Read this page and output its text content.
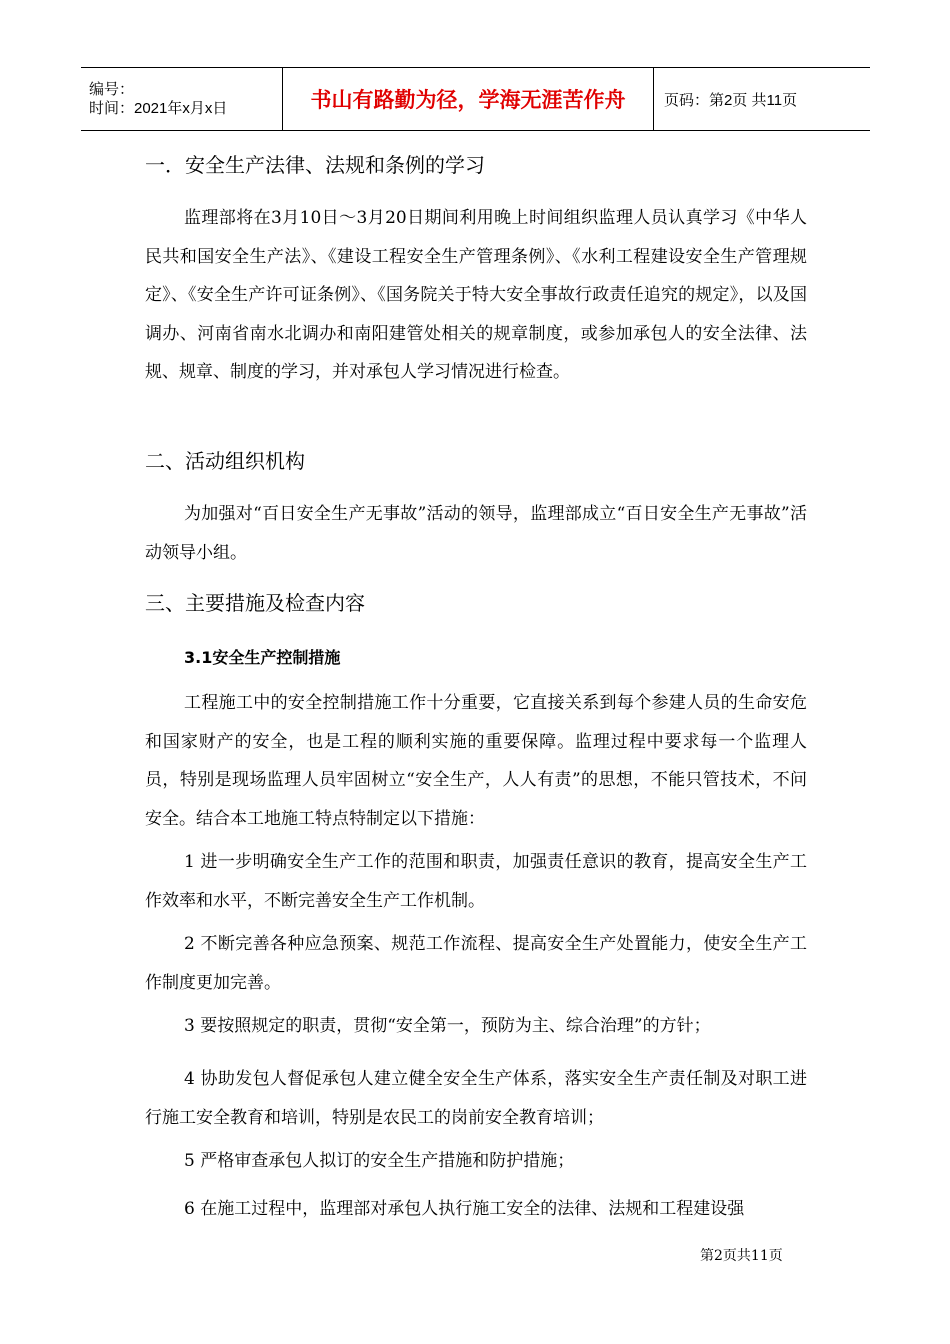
编号：
时间：2021年x月x日	书山有路勤为径，学海无涯苦作舟	页码：第2页 共11页
一．安全生产法律、法规和条例的学习

监理部将在3月10日～3月20日期间利用晚上时间组织监理人员认真学习《中华人民共和国安全生产法》、《建设工程安全生产管理条例》、《水利工程建设安全生产管理规定》、《安全生产许可证条例》、《国务院关于特大安全事故行政责任追究的规定》，以及国调办、河南省南水北调办和南阳建管处相关的规章制度，或参加承包人的安全法律、法规、规章、制度的学习，并对承包人学习情况进行检查。

二、活动组织机构

为加强对“百日安全生产无事故”活动的领导，监理部成立“百日安全生产无事故”活动领导小组。

三、主要措施及检查内容
3.1安全生产控制措施

工程施工中的安全控制措施工作十分重要，它直接关系到每个参建人员的生命安危和国家财产的安全，也是工程的顺利实施的重要保障。监理过程中要求每一个监理人员，特别是现场监理人员牢固树立“安全生产，人人有责”的思想，不能只管技术，不问安全。结合本工地施工特点特制定以下措施：

1 进一步明确安全生产工作的范围和职责，加强责任意识的教育，提高安全生产工作效率和水平，不断完善安全生产工作机制。

2 不断完善各种应急预案、规范工作流程、提高安全生产处置能力，使安全生产工作制度更加完善。

3 要按照规定的职责，贯彻“安全第一，预防为主、综合治理”的方针；

4 协助发包人督促承包人建立健全安全生产体系，落实安全生产责任制及对职工进行施工安全教育和培训，特别是农民工的岗前安全教育培训；

5 严格审查承包人拟订的安全生产措施和防护措施；

6 在施工过程中，监理部对承包人执行施工安全的法律、法规和工程建设强

第2页共11页
